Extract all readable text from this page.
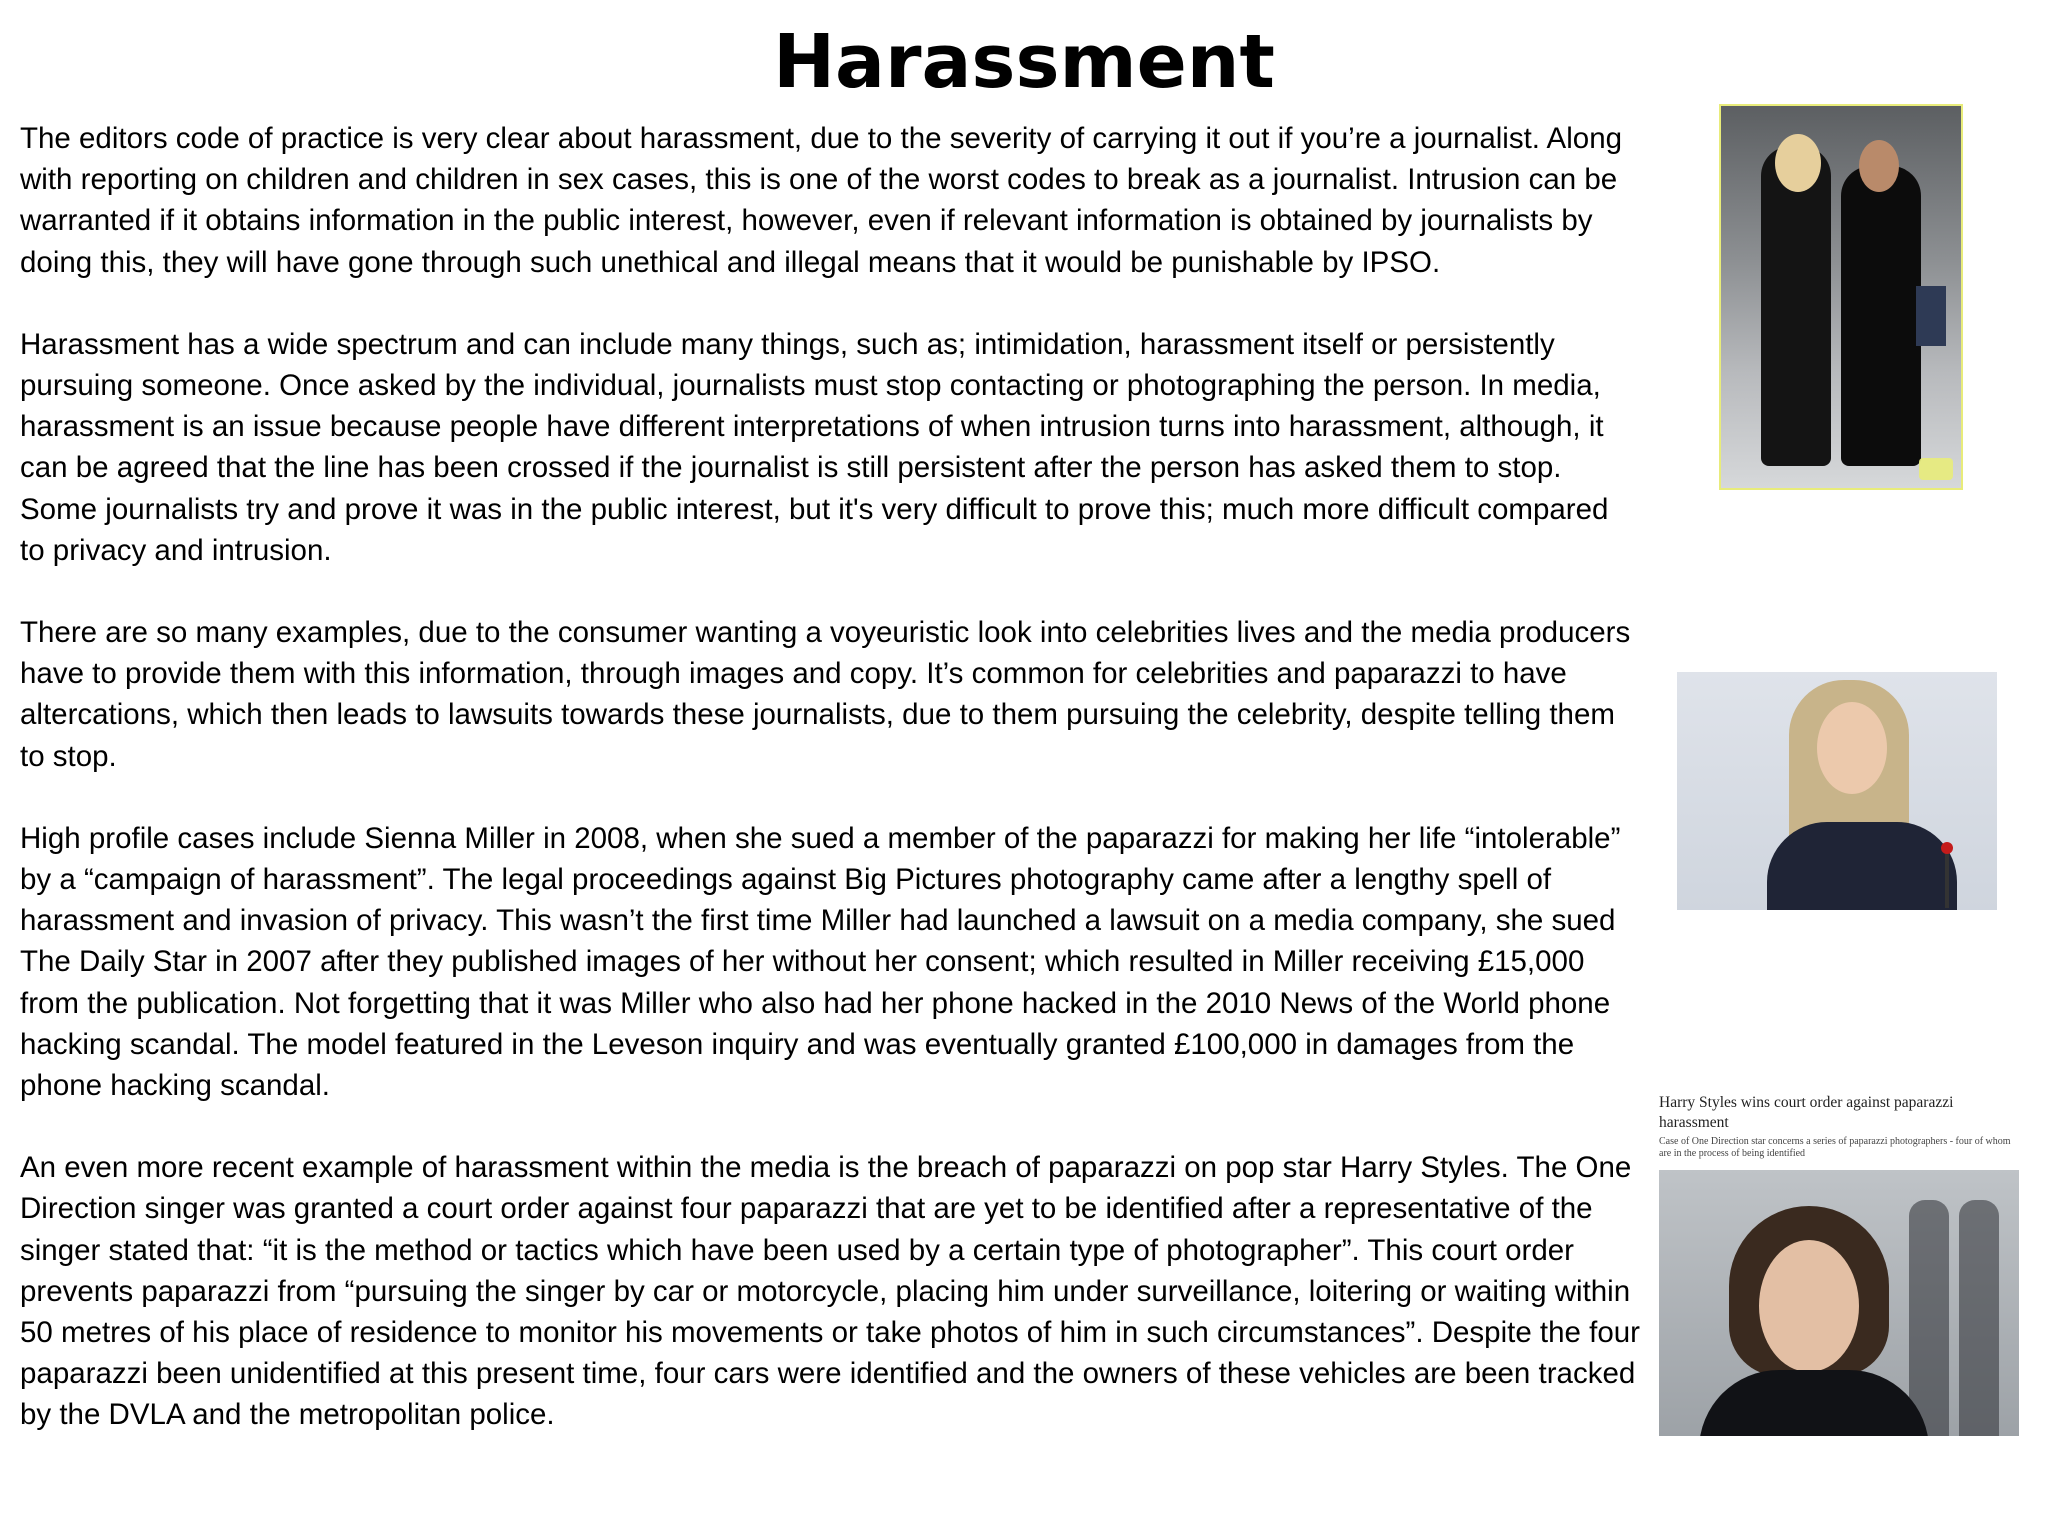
Harassment

The editors code of practice is very clear about harassment, due to the severity of carrying it out if you’re a journalist. Along with reporting on children and children in sex cases, this is one of the worst codes to break as a journalist. Intrusion can be warranted if it obtains information in the public interest, however, even if relevant information is obtained by journalists by doing this, they will have gone through such unethical and illegal means that it would be punishable by IPSO.

Harassment has a wide spectrum and can include many things, such as; intimidation, harassment itself or persistently pursuing someone. Once asked by the individual, journalists must stop contacting or photographing the person. In media, harassment is an issue because people have different interpretations of when intrusion turns into harassment, although, it can be agreed that the line has been crossed if the journalist is still persistent after the person has asked them to stop. Some journalists try and prove it was in the public interest, but it's very difficult to prove this; much more difficult compared to privacy and intrusion.

There are so many examples, due to the consumer wanting a voyeuristic look into celebrities lives and the media producers have to provide them with this information, through images and copy. It’s common for celebrities and paparazzi to have altercations, which then leads to lawsuits towards these journalists, due to them pursuing the celebrity, despite telling them to stop.

High profile cases include Sienna Miller in 2008, when she sued a member of the paparazzi for making her life “intolerable” by a “campaign of harassment”. The legal proceedings against Big Pictures photography came after a lengthy spell of harassment and invasion of privacy. This wasn’t the first time Miller had launched a lawsuit on a media company, she sued The Daily Star in 2007 after they published images of her without her consent; which resulted in Miller receiving £15,000 from the publication. Not forgetting that it was Miller who also had her phone hacked in the 2010 News of the World phone hacking scandal. The model featured in the Leveson inquiry and was eventually granted £100,000 in damages from the phone hacking scandal.

An even more recent example of harassment within the media is the breach of paparazzi on pop star Harry Styles. The One Direction singer was granted a court order against four paparazzi that are yet to be identified after a representative of the singer stated that: “it is the method or tactics which have been used by a certain type of photographer”. This court order prevents paparazzi from “pursuing the singer by car or motorcycle, placing him under surveillance, loitering or waiting within 50 metres of his place of residence to monitor his movements or take photos of him in such circumstances”. Despite the four paparazzi been unidentified at this present time, four cars were identified and the owners of these vehicles are been tracked by the DVLA and the metropolitan police.

Harry Styles wins court order against paparazzi harassment

Case of One Direction star concerns a series of paparazzi photographers - four of whom are in the process of being identified
